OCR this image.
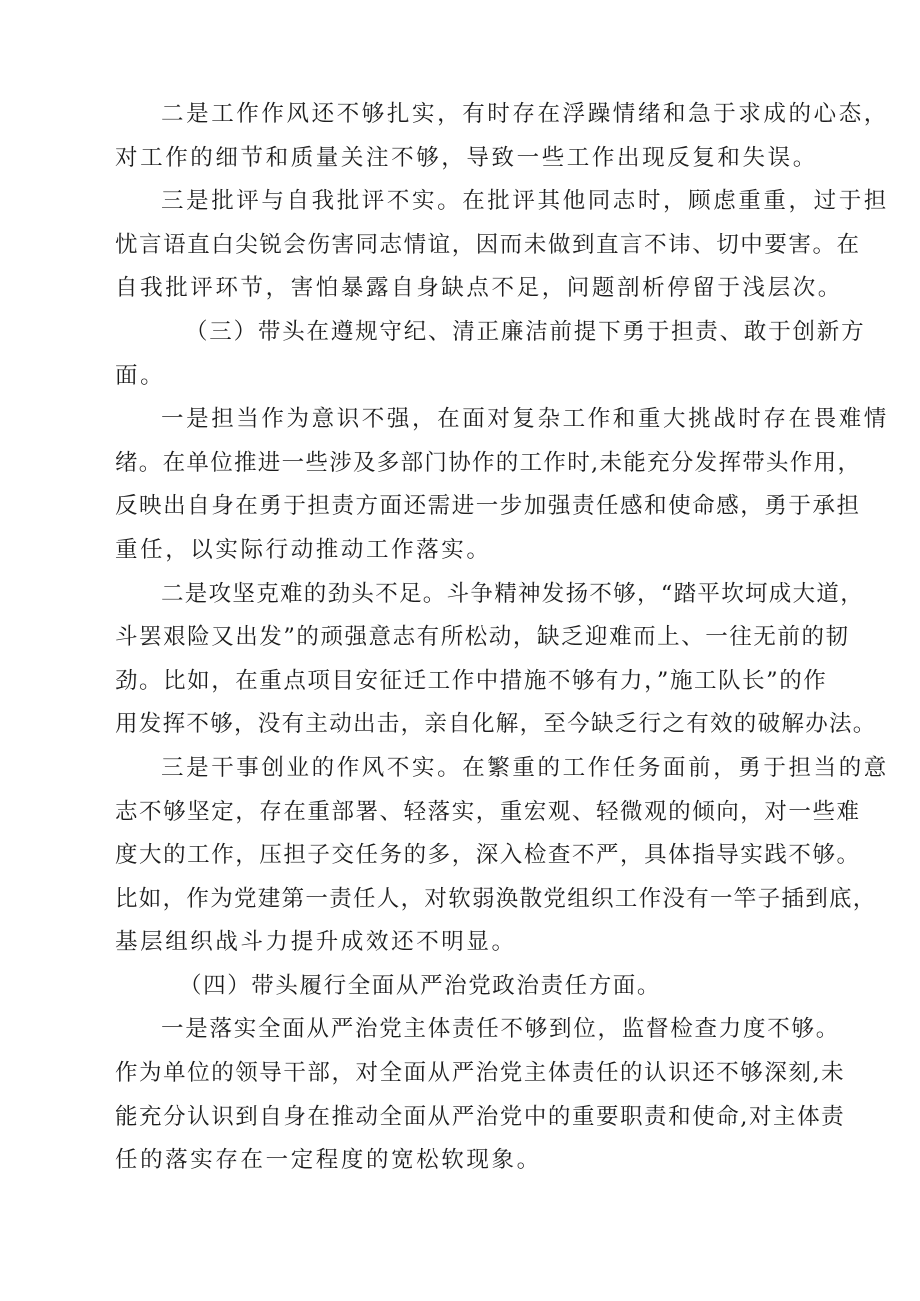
二是工作作风还不够扎实，有时存在浮躁情绪和急于求成的心态，
对工作的细节和质量关注不够，导致一些工作出现反复和失误。
三是批评与自我批评不实。在批评其他同志时，顾虑重重，过于担
忧言语直白尖锐会伤害同志情谊，因而未做到直言不讳、切中要害。在
自我批评环节，害怕暴露自身缺点不足，问题剖析停留于浅层次。
（三）带头在遵规守纪、清正廉洁前提下勇于担责、敢于创新方
面。
一是担当作为意识不强，在面对复杂工作和重大挑战时存在畏难情
绪。在单位推进一些涉及多部门协作的工作时,未能充分发挥带头作用，
反映出自身在勇于担责方面还需进一步加强责任感和使命感，勇于承担
重任，以实际行动推动工作落实。
二是攻坚克难的劲头不足。斗争精神发扬不够，“踏平坎坷成大道，
斗罢艰险又出发”的顽强意志有所松动，缺乏迎难而上、一往无前的韧
劲。比如，在重点项目安征迁工作中措施不够有力，”施工队长”的作
用发挥不够，没有主动出击，亲自化解，至今缺乏行之有效的破解办法。
三是干事创业的作风不实。在繁重的工作任务面前，勇于担当的意
志不够坚定，存在重部署、轻落实，重宏观、轻微观的倾向，对一些难
度大的工作，压担子交任务的多，深入检查不严，具体指导实践不够。
比如，作为党建第一责任人，对软弱涣散党组织工作没有一竿子插到底，
基层组织战斗力提升成效还不明显。
（四）带头履行全面从严治党政治责任方面。
一是落实全面从严治党主体责任不够到位，监督检查力度不够。
作为单位的领导干部，对全面从严治党主体责任的认识还不够深刻,未
能充分认识到自身在推动全面从严治党中的重要职责和使命,对主体责
任的落实存在一定程度的宽松软现象。
